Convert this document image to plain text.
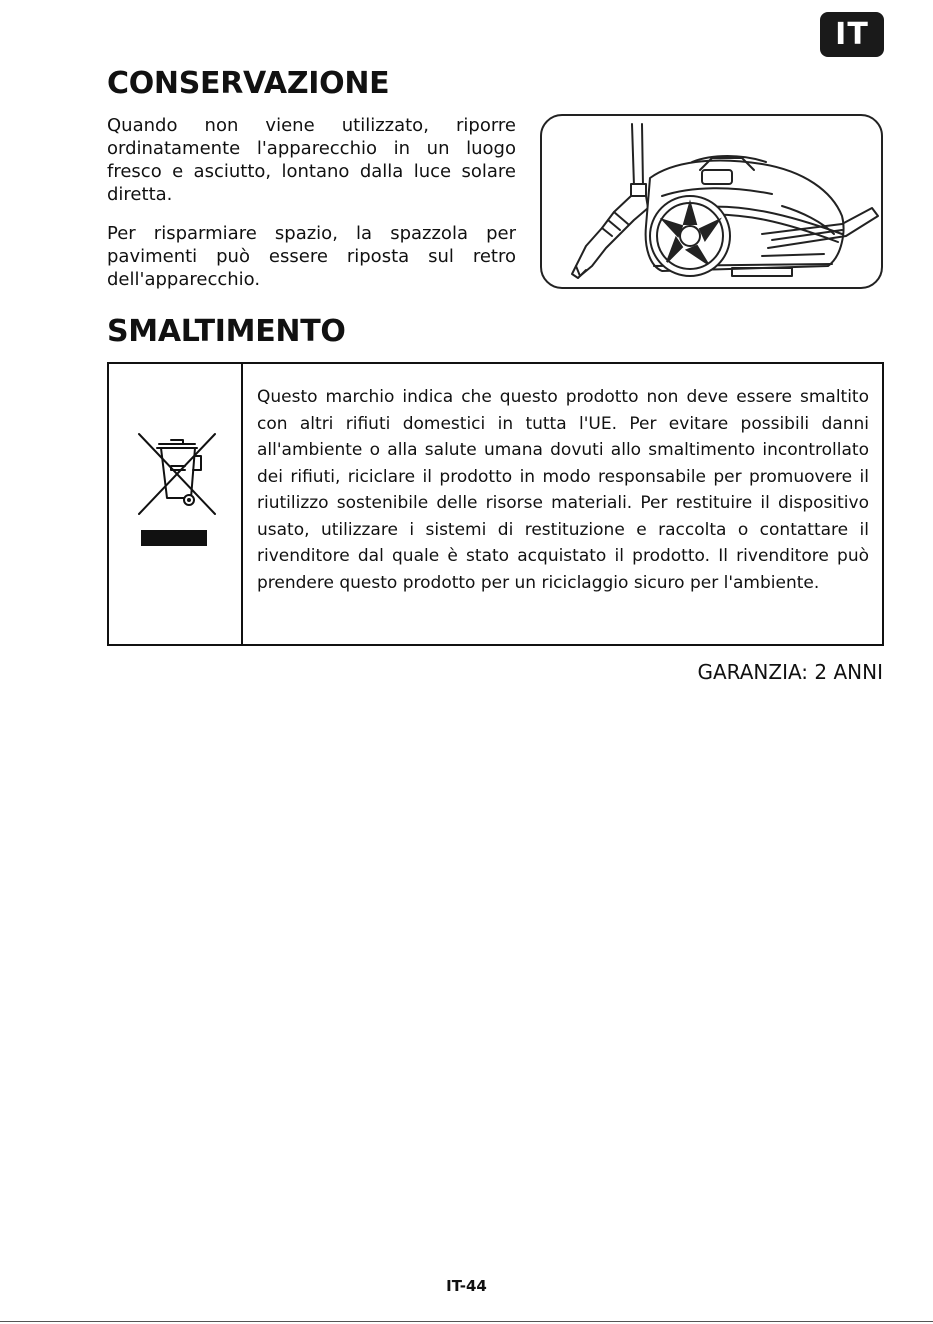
IT
CONSERVAZIONE

Quando non viene utilizzato, riporre ordinatamente l'apparecchio in un luogo fresco e asciutto, lontano dalla luce solare diretta.

Per risparmiare spazio, la spazzola per pavimenti può essere riposta sul retro dell'apparecchio.

SMALTIMENTO

Questo marchio indica che questo prodotto non deve essere smaltito con altri rifiuti domestici in tutta l'UE. Per evitare possibili danni all'ambiente o alla salute umana dovuti allo smaltimento incontrollato dei rifiuti, riciclare il prodotto in modo responsabile per promuovere il riutilizzo sostenibile delle risorse materiali. Per restituire il dispositivo usato, utilizzare i sistemi di restituzione e raccolta o contattare il rivenditore dal quale è stato acquistato il prodotto. Il rivenditore può prendere questo prodotto per un riciclaggio sicuro per l'ambiente.

GARANZIA: 2 ANNI
IT-44
